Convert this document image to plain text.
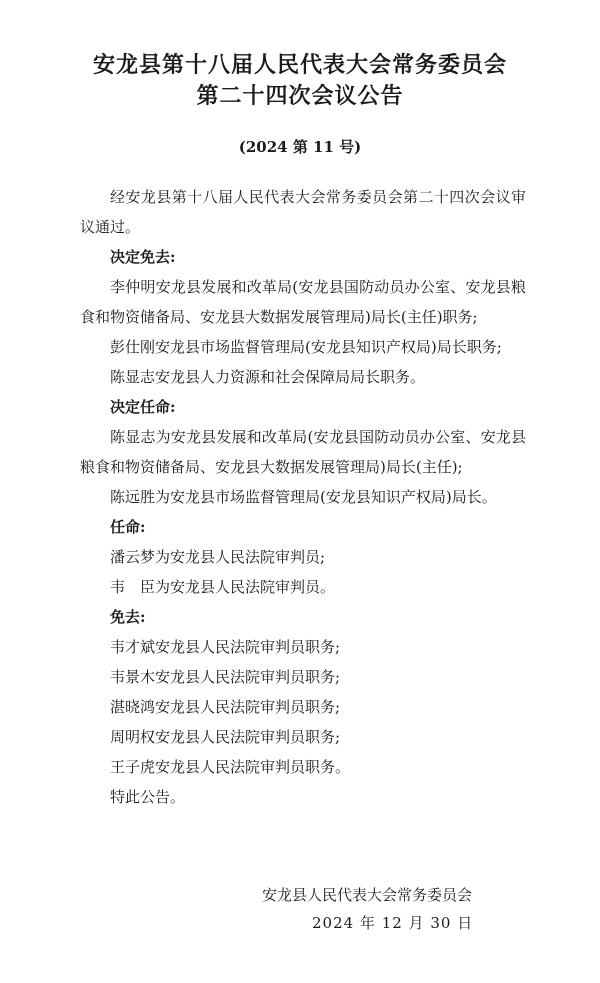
安龙县第十八届人民代表大会常务委员会
第二十四次会议公告
(2024 第 11 号)

经安龙县第十八届人民代表大会常务委员会第二十四次会议审议通过。

决定免去:

李仲明安龙县发展和改革局(安龙县国防动员办公室、安龙县粮食和物资储备局、安龙县大数据发展管理局)局长(主任)职务;

彭仕刚安龙县市场监督管理局(安龙县知识产权局)局长职务;

陈显志安龙县人力资源和社会保障局局长职务。

决定任命:

陈显志为安龙县发展和改革局(安龙县国防动员办公室、安龙县粮食和物资储备局、安龙县大数据发展管理局)局长(主任);

陈远胜为安龙县市场监督管理局(安龙县知识产权局)局长。

任命:

潘云梦为安龙县人民法院审判员;

韦　臣为安龙县人民法院审判员。

免去:

韦才斌安龙县人民法院审判员职务;

韦景木安龙县人民法院审判员职务;

湛晓鸿安龙县人民法院审判员职务;

周明权安龙县人民法院审判员职务;

王子虎安龙县人民法院审判员职务。

特此公告。

安龙县人民代表大会常务委员会
2024 年 12 月 30 日
